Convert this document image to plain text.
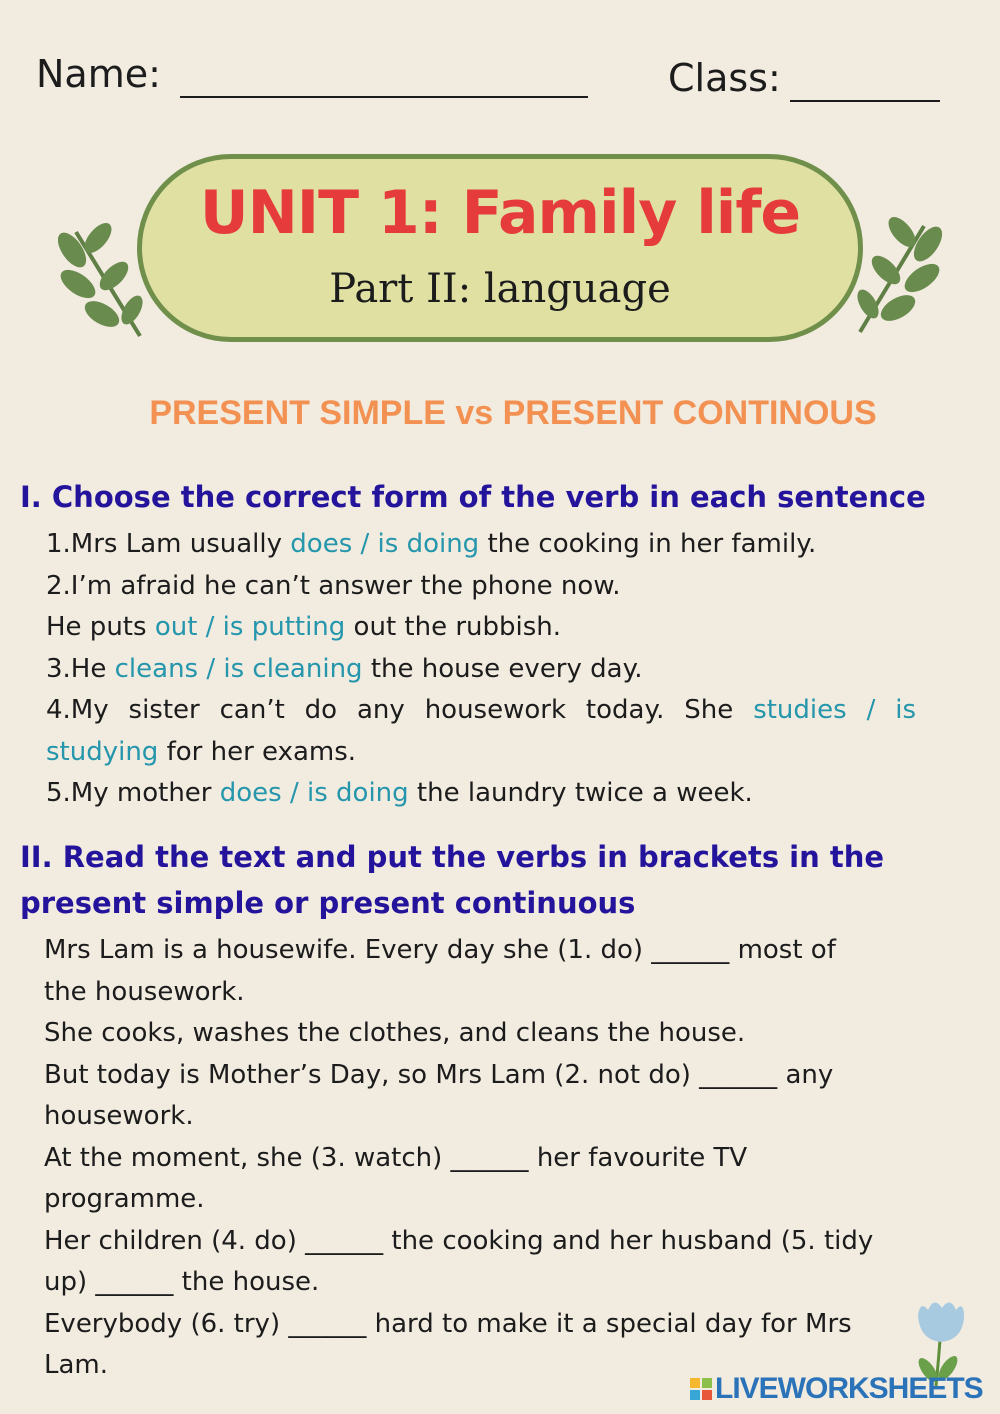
Name:	Class:
UNIT 1: Family life
Part II: language
PRESENT SIMPLE vs PRESENT CONTINOUS
I. Choose the correct form of the verb in each sentence
1.Mrs Lam usually does / is doing the cooking in her family.
2.I’m afraid he can’t answer the phone now.
He puts out / is putting out the rubbish.
3.He cleans / is cleaning the house every day.
4.My sister can’t do any housework today. She studies / is studying for her exams.
5.My mother does / is doing the laundry twice a week.
II. Read the text and put the verbs in brackets in the
present simple or present continuous
Mrs Lam is a housewife. Every day she (1. do) ______ most of
the housework.
She cooks, washes the clothes, and cleans the house.
But today is Mother’s Day, so Mrs Lam (2. not do) ______ any
housework.
At the moment, she (3. watch) ______ her favourite TV
programme.
Her children (4. do) ______ the cooking and her husband (5. tidy
up) ______ the house.
Everybody (6. try) ______ hard to make it a special day for Mrs
Lam.
LIVEWORKSHEETS
